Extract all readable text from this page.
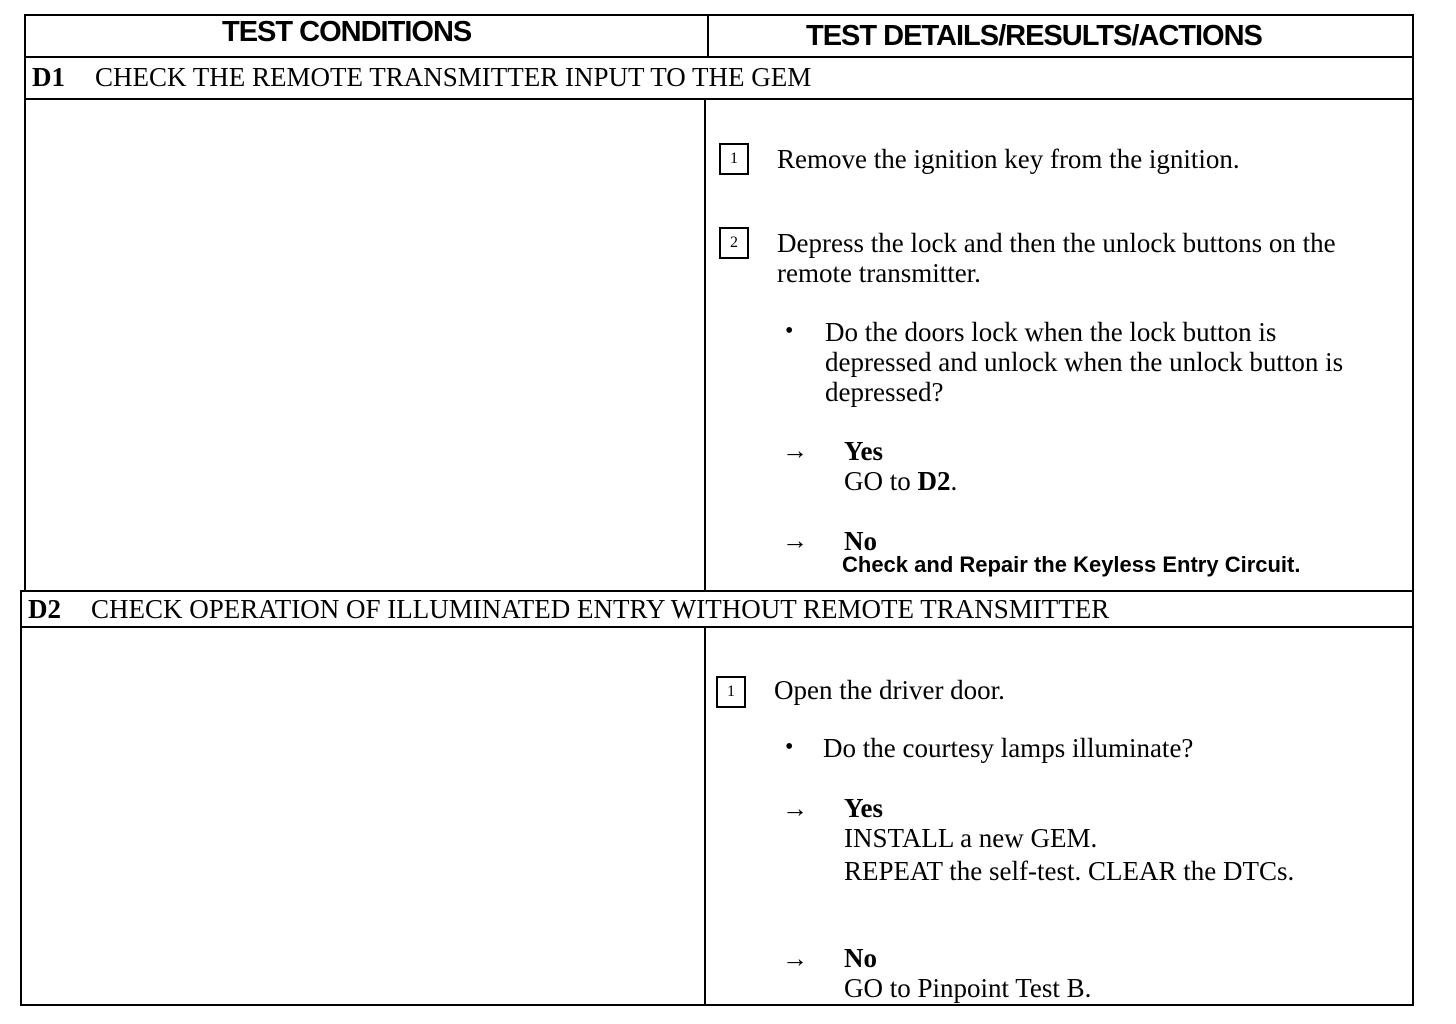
TEST CONDITIONS	TEST DETAILS/RESULTS/ACTIONS
D1 CHECK THE REMOTE TRANSMITTER INPUT TO THE GEM
1	Remove the ignition key from the ignition.
2	Depress the lock and then the unlock buttons on the remote transmitter.
• Do the doors lock when the lock button is depressed and unlock when the unlock button is depressed?
→ Yes
GO to D2.
→ No
Check and Repair the Keyless Entry Circuit.
D2 CHECK OPERATION OF ILLUMINATED ENTRY WITHOUT REMOTE TRANSMITTER
1	Open the driver door.
• Do the courtesy lamps illuminate?
→ Yes
INSTALL a new GEM.
REPEAT the self-test. CLEAR the DTCs.
→ No
GO to Pinpoint Test B.
